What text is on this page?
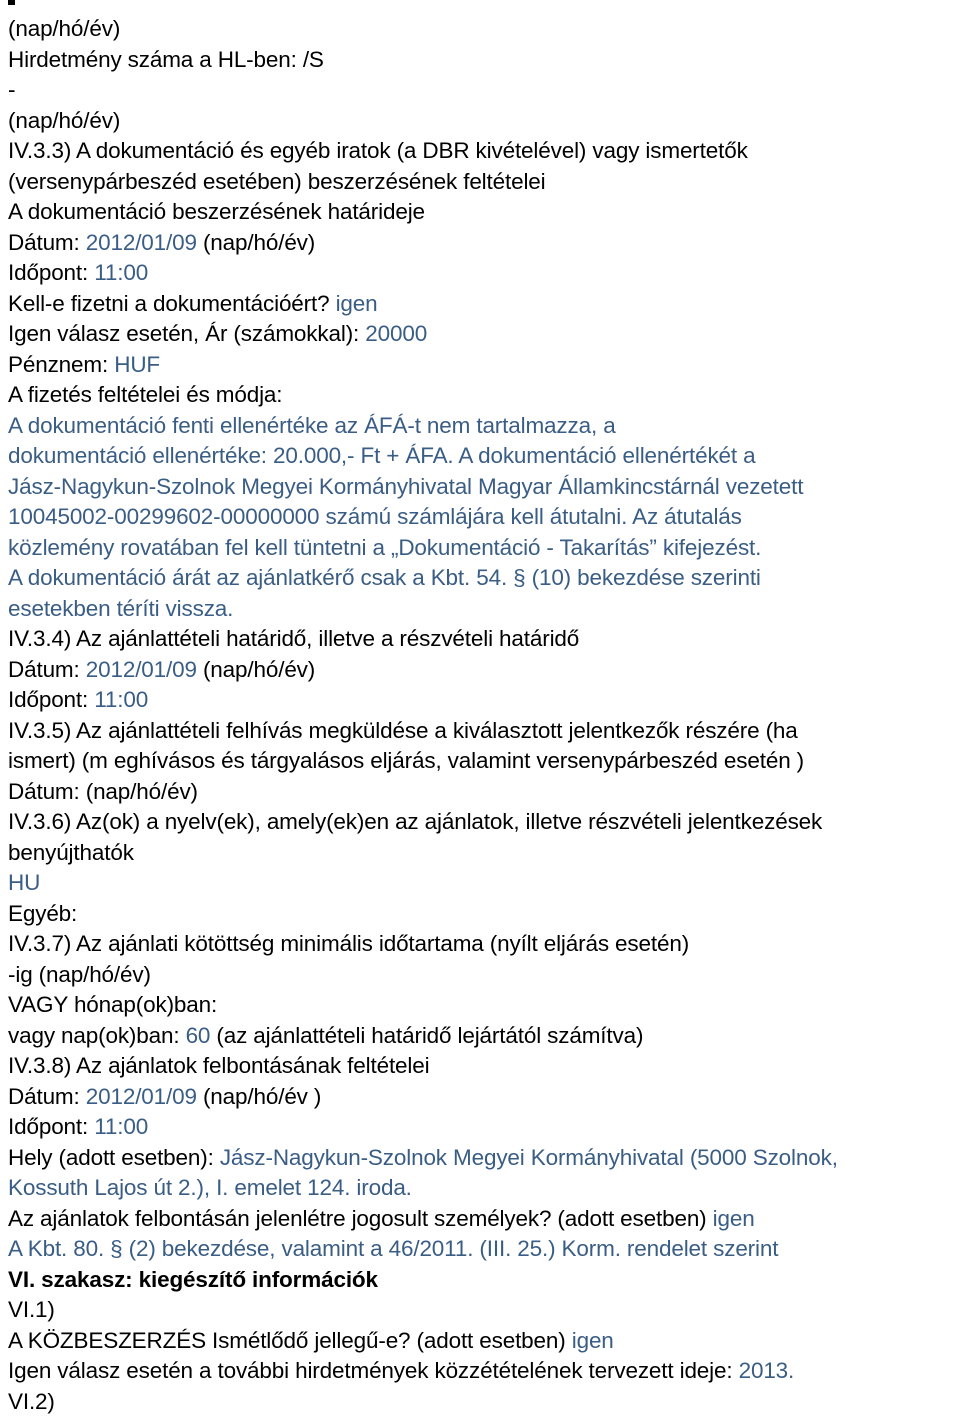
(nap/hó/év)
Hirdetmény száma a HL-ben: /S
-
(nap/hó/év)
IV.3.3) A dokumentáció és egyéb iratok (a DBR kivételével) vagy ismertetők
(versenypárbeszéd esetében) beszerzésének feltételei
A dokumentáció beszerzésének határideje
Dátum: 2012/01/09 (nap/hó/év)
Időpont: 11:00
Kell-e fizetni a dokumentációért? igen
Igen válasz esetén, Ár (számokkal): 20000
Pénznem: HUF
A fizetés feltételei és módja:
A dokumentáció fenti ellenértéke az ÁFÁ-t nem tartalmazza, a
dokumentáció ellenértéke: 20.000,- Ft + ÁFA. A dokumentáció ellenértékét a
Jász-Nagykun-Szolnok Megyei Kormányhivatal Magyar Államkincstárnál vezetett
10045002-00299602-00000000 számú számlájára kell átutalni. Az átutalás
közlemény rovatában fel kell tüntetni a „Dokumentáció - Takarítás” kifejezést.
A dokumentáció árát az ajánlatkérő csak a Kbt. 54. § (10) bekezdése szerinti
esetekben téríti vissza.
IV.3.4) Az ajánlattételi határidő, illetve a részvételi határidő
Dátum: 2012/01/09 (nap/hó/év)
Időpont: 11:00
IV.3.5) Az ajánlattételi felhívás megküldése a kiválasztott jelentkezők részére (ha
ismert) (m eghívásos és tárgyalásos eljárás, valamint versenypárbeszéd esetén )
Dátum: (nap/hó/év)
IV.3.6) Az(ok) a nyelv(ek), amely(ek)en az ajánlatok, illetve részvételi jelentkezések
benyújthatók
HU
Egyéb:
IV.3.7) Az ajánlati kötöttség minimális időtartama (nyílt eljárás esetén)
-ig (nap/hó/év)
VAGY hónap(ok)ban:
vagy nap(ok)ban: 60 (az ajánlattételi határidő lejártától számítva)
IV.3.8) Az ajánlatok felbontásának feltételei
Dátum: 2012/01/09 (nap/hó/év )
Időpont: 11:00
Hely (adott esetben): Jász-Nagykun-Szolnok Megyei Kormányhivatal (5000 Szolnok,
Kossuth Lajos út 2.), I. emelet 124. iroda.
Az ajánlatok felbontásán jelenlétre jogosult személyek? (adott esetben) igen
A Kbt. 80. § (2) bekezdése, valamint a 46/2011. (III. 25.) Korm. rendelet szerint
VI. szakasz: kiegészítő információk
VI.1)
A KÖZBESZERZÉS Ismétlődő jellegű-e? (adott esetben) igen
Igen válasz esetén a további hirdetmények közzétételének tervezett ideje: 2013.
VI.2)
